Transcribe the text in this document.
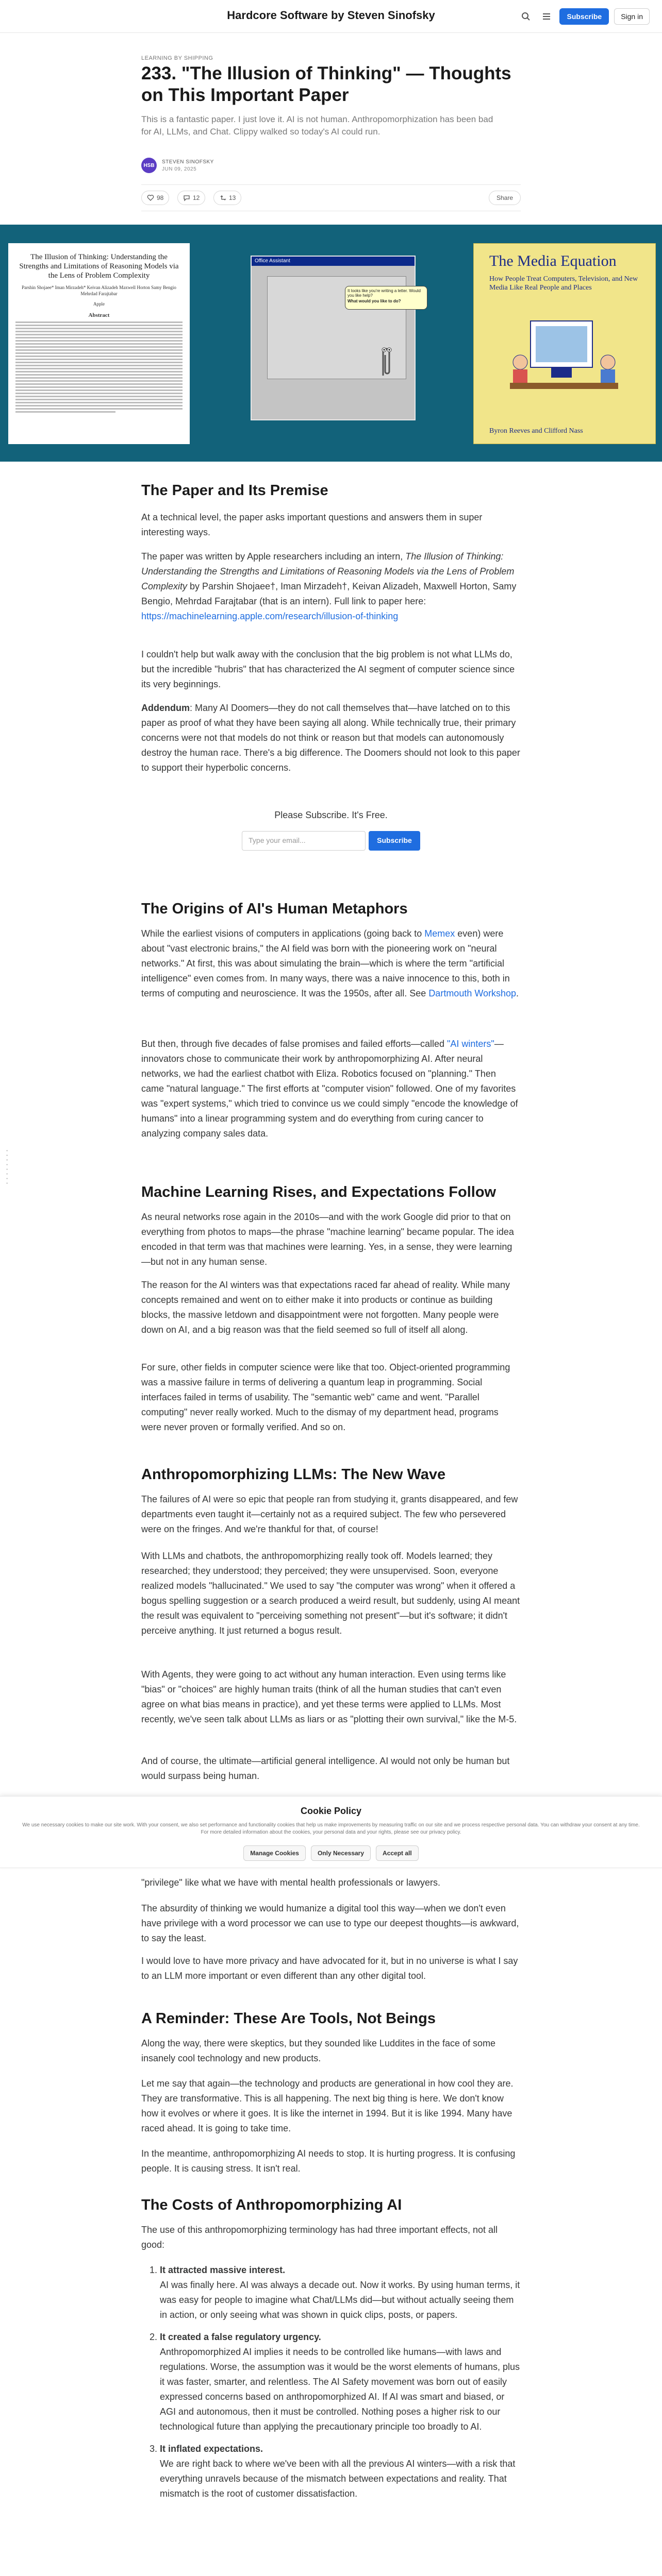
Hardcore Software by Steven Sinofsky	Subscribe	Sign in
LEARNING BY SHIPPING
233. "The Illusion of Thinking" — Thoughts on This Important Paper
This is a fantastic paper. I just love it. AI is not human. Anthropomorphization has been bad for AI, LLMs, and Chat. Clippy walked so today's AI could run.
HSB
STEVEN SINOFSKY
JUN 09, 2025
98	12	13	Share
The Illusion of Thinking: Understanding the Strengths and Limitations of Reasoning Models via the Lens of Problem Complexity
Parshin Shojaee* Iman Mirzadeh* Keivan Alizadeh Maxwell Horton Samy Bengio Mehrdad Farajtabar
Apple
Abstract
Office Assistant
It looks like you're writing a letter. Would you like help?
What would you like to do?
The Media Equation
How People Treat Computers, Television, and New Media Like Real People and Places
Byron Reeves and Clifford Nass
The Paper and Its Premise

At a technical level, the paper asks important questions and answers them in super interesting ways.

The paper was written by Apple researchers including an intern, The Illusion of Thinking: Understanding the Strengths and Limitations of Reasoning Models via the Lens of Problem Complexity by Parshin Shojaee†, Iman Mirzadeh†, Keivan Alizadeh, Maxwell Horton, Samy Bengio, Mehrdad Farajtabar (that is an intern). Full link to paper here: https://machinelearning.apple.com/research/illusion-of-thinking

I couldn't help but walk away with the conclusion that the big problem is not what LLMs do, but the incredible "hubris" that has characterized the AI segment of computer science since its very beginnings.

Addendum: Many AI Doomers—they do not call themselves that—have latched on to this paper as proof of what they have been saying all along. While technically true, their primary concerns were not that models do not think or reason but that models can autonomously destroy the human race. There's a big difference. The Doomers should not look to this paper to support their hyperbolic concerns.

Please Subscribe. It's Free.
Type your email...	Subscribe
• • • • • • • •
The Origins of AI's Human Metaphors

While the earliest visions of computers in applications (going back to Memex even) were about "vast electronic brains," the AI field was born with the pioneering work on "neural networks." At first, this was about simulating the brain—which is where the term "artificial intelligence" even comes from. In many ways, there was a naive innocence to this, both in terms of computing and neuroscience. It was the 1950s, after all. See Dartmouth Workshop.

But then, through five decades of false promises and failed efforts—called "AI winters"—innovators chose to communicate their work by anthropomorphizing AI. After neural networks, we had the earliest chatbot with Eliza. Robotics focused on "planning." Then came "natural language." The first efforts at "computer vision" followed. One of my favorites was "expert systems," which tried to convince us we could simply "encode the knowledge of humans" into a linear programming system and do everything from curing cancer to analyzing company sales data.

Machine Learning Rises, and Expectations Follow

As neural networks rose again in the 2010s—and with the work Google did prior to that on everything from photos to maps—the phrase "machine learning" became popular. The idea encoded in that term was that machines were learning. Yes, in a sense, they were learning—but not in any human sense.

The reason for the AI winters was that expectations raced far ahead of reality. While many concepts remained and went on to either make it into products or continue as building blocks, the massive letdown and disappointment were not forgotten. Many people were down on AI, and a big reason was that the field seemed so full of itself all along.

For sure, other fields in computer science were like that too. Object-oriented programming was a massive failure in terms of delivering a quantum leap in programming. Social interfaces failed in terms of usability. The "semantic web" came and went. "Parallel computing" never really worked. Much to the dismay of my department head, programs were never proven or formally verified. And so on.

Anthropomorphizing LLMs: The New Wave

The failures of AI were so epic that people ran from studying it, grants disappeared, and few departments even taught it—certainly not as a required subject. The few who persevered were on the fringes. And we're thankful for that, of course!

With LLMs and chatbots, the anthropomorphizing really took off. Models learned; they researched; they understood; they perceived; they were unsupervised. Soon, everyone realized models "hallucinated." We used to say "the computer was wrong" when it offered a bogus spelling suggestion or a search produced a weird result, but suddenly, using AI meant the result was equivalent to "perceiving something not present"—but it's software; it didn't perceive anything. It just returned a bogus result.

With Agents, they were going to act without any human interaction. Even using terms like "bias" or "choices" are highly human traits (think of all the human studies that can't even agree on what bias means in practice), and yet these terms were applied to LLMs. Most recently, we've seen talk about LLMs as liars or as "plotting their own survival," like the M-5.

And of course, the ultimate—artificial general intelligence. AI would not only be human but would surpass being human.

Cookie Policy
We use necessary cookies to make our site work. With your consent, we also set performance and functionality cookies that help us make improvements by measuring traffic on our site and we process respective personal data. You can withdraw your consent at any time. For more detailed information about the cookies, your personal data and your rights, please see our privacy policy.
Manage Cookies	Only Necessary	Accept all

"privilege" like what we have with mental health professionals or lawyers.

The absurdity of thinking we would humanize a digital tool this way—when we don't even have privilege with a word processor we can use to type our deepest thoughts—is awkward, to say the least.

I would love to have more privacy and have advocated for it, but in no universe is what I say to an LLM more important or even different than any other digital tool.

A Reminder: These Are Tools, Not Beings

Along the way, there were skeptics, but they sounded like Luddites in the face of some insanely cool technology and new products.

Let me say that again—the technology and products are generational in how cool they are. They are transformative. This is all happening. The next big thing is here. We don't know how it evolves or where it goes. It is like the internet in 1994. But it is like 1994. Many have raced ahead. It is going to take time.

In the meantime, anthropomorphizing AI needs to stop. It is hurting progress. It is confusing people. It is causing stress. It isn't real.

The Costs of Anthropomorphizing AI

The use of this anthropomorphizing terminology has had three important effects, not all good:

1. It attracted massive interest.
AI was finally here. AI was always a decade out. Now it works. By using human terms, it was easy for people to imagine what Chat/LLMs did—but without actually seeing them in action, or only seeing what was shown in quick clips, posts, or papers.
2. It created a false regulatory urgency.
Anthropomorphized AI implies it needs to be controlled like humans—with laws and regulations. Worse, the assumption was it would be the worst elements of humans, plus it was faster, smarter, and relentless. The AI Safety movement was born out of easily expressed concerns based on anthropomorphized AI. If AI was smart and biased, or AGI and autonomous, then it must be controlled. Nothing poses a higher risk to our technological future than applying the precautionary principle too broadly to AI.
3. It inflated expectations.
We are right back to where we've been with all the previous AI winters—with a risk that everything unravels because of the mismatch between expectations and reality. That mismatch is the root of customer dissatisfaction.
